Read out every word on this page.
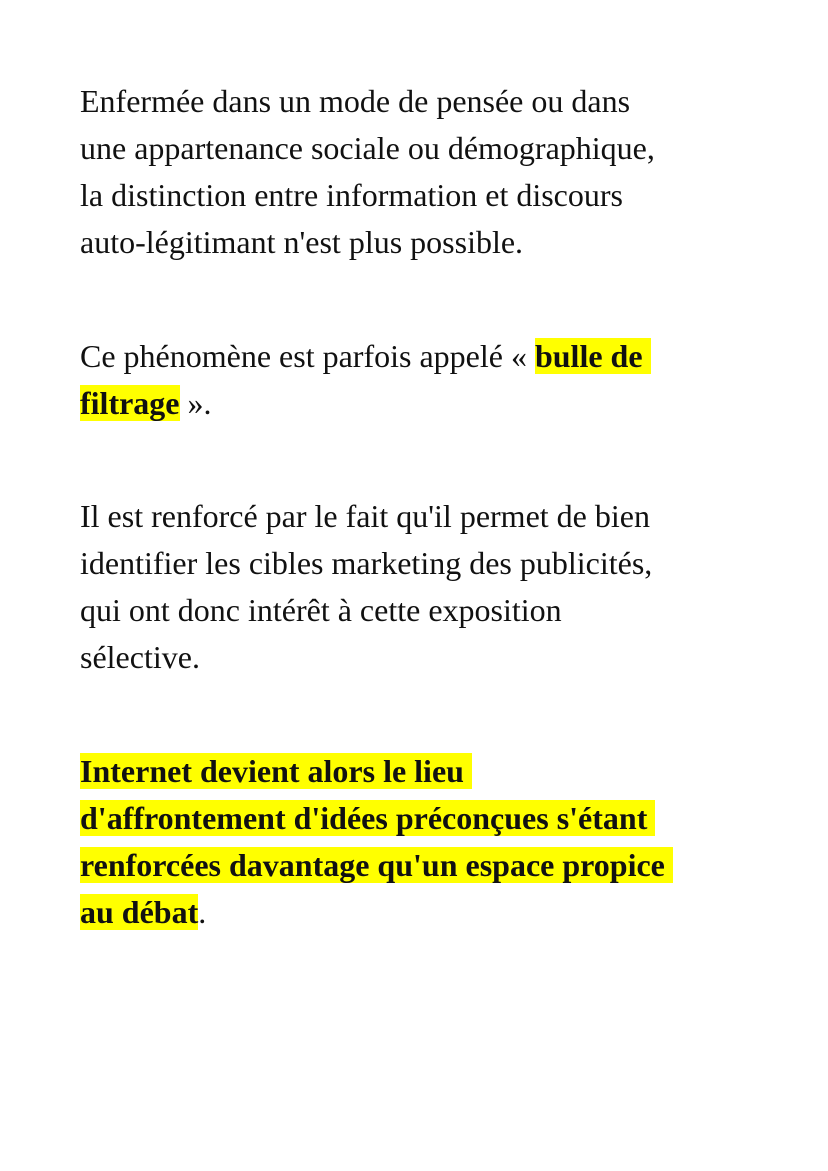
Enfermée dans un mode de pensée ou dans
une appartenance sociale ou démographique,
la distinction entre information et discours
auto-légitimant n'est plus possible.

Ce phénomène est parfois appelé « bulle de
filtrage ».

Il est renforcé par le fait qu'il permet de bien
identifier les cibles marketing des publicités,
qui ont donc intérêt à cette exposition
sélective.

Internet devient alors le lieu
d'affrontement d'idées préconçues s'étant
renforcées davantage qu'un espace propice
au débat.
